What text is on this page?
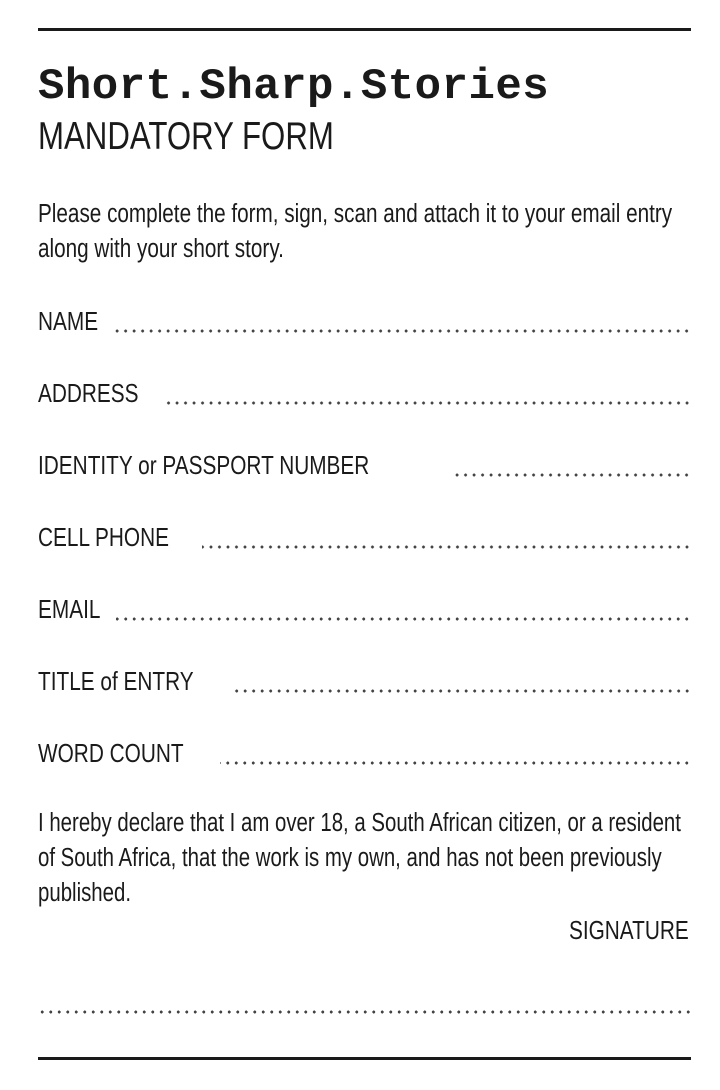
Short.Sharp.Stories
MANDATORY FORM

Please complete the form, sign, scan and attach it to your email entry along with your short story.

NAME
ADDRESS
IDENTITY or PASSPORT NUMBER
CELL PHONE
EMAIL
TITLE of ENTRY
WORD COUNT

I hereby declare that I am over 18, a South African citizen, or a resident of South Africa, that the work is my own, and has not been previously published.

SIGNATURE
